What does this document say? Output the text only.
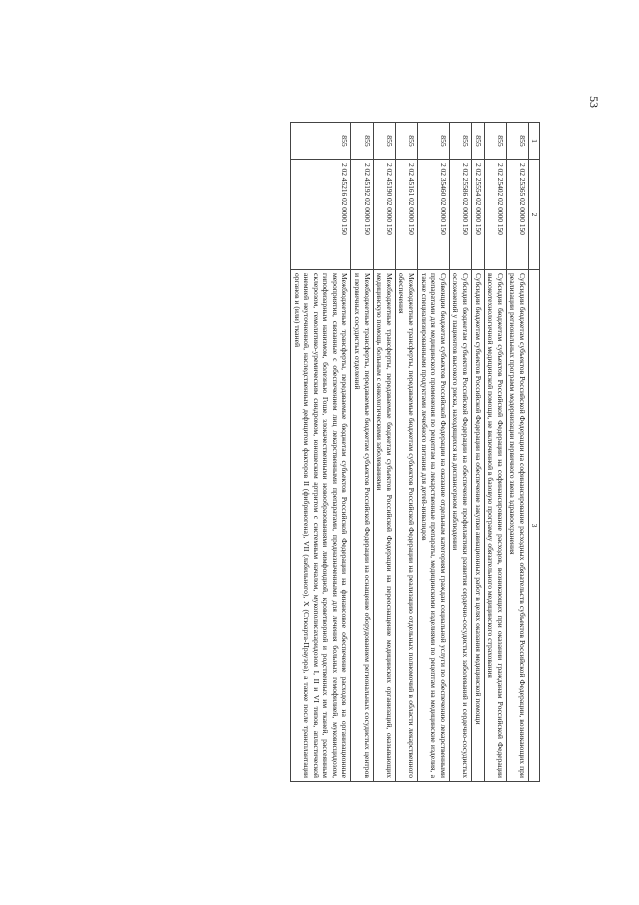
53
1	2	3
855	2 02 25365 02 0000 150	Субсидии бюджетам субъектов Российской Федерации на софинансирование расходных обязательств субъектов Российской Федерации, возникающих при реализации региональных программ модернизации первичного звена здравоохранения
855	2 02 25402 02 0000 150	Субсидии бюджетам субъектов Российской Федерации на софинансирование расходов, возникающих при оказании гражданам Российской Федерации высокотехнологичной медицинской помощи, не включенной в базовую программу обязательного медицинского страхования
855	2 02 25554 02 0000 150	Субсидии бюджетам субъектов Российской Федерации на обеспечение закупки авиационных работ в целях оказания медицинской помощи
855	2 02 25586 02 0000 150	Субсидии бюджетам субъектов Российской Федерации на обеспечение профилактики развития сердечно-сосудистых заболеваний и сердечно-сосудистых осложнений у пациентов высокого риска, находящихся на диспансерном наблюдении
855	2 02 35460 02 0000 150	Субвенции бюджетам субъектов Российской Федерации на оказание отдельным категориям граждан социальной услуги по обеспечению лекарственными препаратами для медицинского применения по рецептам на лекарственные препараты, медицинскими изделиями по рецептам на медицинские изделия, а также специализированными продуктами лечебного питания для детей-инвалидов
855	2 02 45161 02 0000 150	Межбюджетные трансферты, передаваемые бюджетам субъектов Российской Федерации на реализацию отдельных полномочий в области лекарственного обеспечения
855	2 02 45190 02 0000 150	Межбюджетные трансферты, передаваемые бюджетам субъектов Российской Федерации на переоснащение медицинских организаций, оказывающих медицинскую помощь больным с онкологическими заболеваниями
855	2 02 45192 02 0000 150	Межбюджетные трансферты, передаваемые бюджетам субъектов Российской Федерации на оснащение оборудованием региональных сосудистых центров и первичных сосудистых отделений
855	2 02 45216 02 0000 150	Межбюджетные трансферты, передаваемые бюджетам субъектов Российской Федерации на финансовое обеспечение расходов на организационные мероприятия, связанные с обеспечением лиц лекарственными препаратами, предназначенными для лечения больных гемофилией, муковисцидозом, гипофизарным нанизмом, болезнью Гоше, злокачественными новообразованиями лимфоидной, кроветворной и родственных им тканей, рассеянным склерозом, гемолитико-уремическим синдромом, юношеским артритом с системным началом, мукополисахаридозом I, II и VI типов, апластической анемией неуточненной, наследственным дефицитом факторов II (фибриногена), VII (лабильного), X (Стюарта-Прауэра), а также после трансплантации органов и (или) тканей
